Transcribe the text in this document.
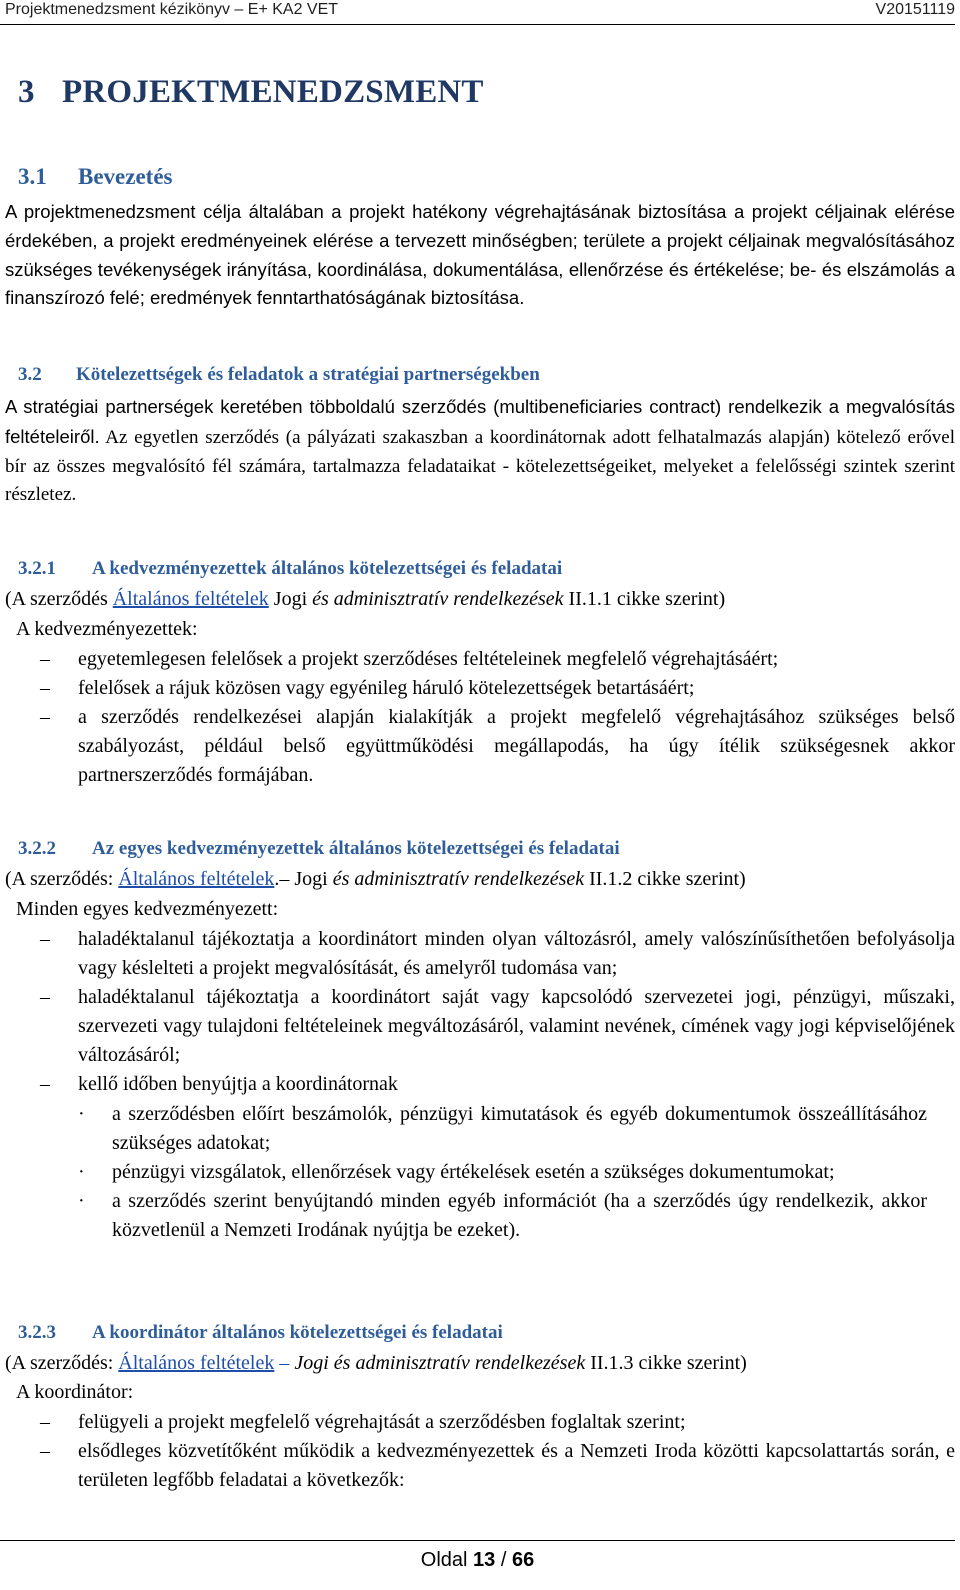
Projektmenedzsment kézikönyv – E+ KA2 VET	V20151119
3 PROJEKTMENEDZSMENT
3.1 Bevezetés
A projektmenedzsment célja általában a projekt hatékony végrehajtásának biztosítása a projekt céljainak elérése érdekében, a projekt eredményeinek elérése a tervezett minőségben; területe a projekt céljainak megvalósításához szükséges tevékenységek irányítása, koordinálása, dokumentálása, ellenőrzése és értékelése; be- és elszámolás a finanszírozó felé; eredmények fenntarthatóságának biztosítása.
3.2 Kötelezettségek és feladatok a stratégiai partnerségekben
A stratégiai partnerségek keretében többoldalú szerződés (multibeneficiaries contract) rendelkezik a megvalósítás feltételeiről. Az egyetlen szerződés (a pályázati szakaszban a koordinátornak adott felhatalmazás alapján) kötelező erővel bír az összes megvalósító fél számára, tartalmazza feladataikat - kötelezettségeiket, melyeket a felelősségi szintek szerint részletez.
3.2.1 A kedvezményezettek általános kötelezettségei és feladatai
(A szerződés Általános feltételek Jogi és adminisztratív rendelkezések II.1.1 cikke szerint)
A kedvezményezettek:
– egyetemlegesen felelősek a projekt szerződéses feltételeinek megfelelő végrehajtásáért;
– felelősek a rájuk közösen vagy egyénileg háruló kötelezettségek betartásáért;
– a szerződés rendelkezései alapján kialakítják a projekt megfelelő végrehajtásához szükséges belső szabályozást, például belső együttműködési megállapodás, ha úgy ítélik szükségesnek akkor partnerszerződés formájában.
3.2.2 Az egyes kedvezményezettek általános kötelezettségei és feladatai
(A szerződés: Általános feltételek.– Jogi és adminisztratív rendelkezések II.1.2 cikke szerint)
Minden egyes kedvezményezett:
– haladéktalanul tájékoztatja a koordinátort minden olyan változásról, amely valószínűsíthetően befolyásolja vagy késlelteti a projekt megvalósítását, és amelyről tudomása van;
– haladéktalanul tájékoztatja a koordinátort saját vagy kapcsolódó szervezetei jogi, pénzügyi, műszaki, szervezeti vagy tulajdoni feltételeinek megváltozásáról, valamint nevének, címének vagy jogi képviselőjének változásáról;
– kellő időben benyújtja a koordinátornak
· a szerződésben előírt beszámolók, pénzügyi kimutatások és egyéb dokumentumok összeállításához szükséges adatokat;
· pénzügyi vizsgálatok, ellenőrzések vagy értékelések esetén a szükséges dokumentumokat;
· a szerződés szerint benyújtandó minden egyéb információt (ha a szerződés úgy rendelkezik, akkor közvetlenül a Nemzeti Irodának nyújtja be ezeket).
3.2.3 A koordinátor általános kötelezettségei és feladatai
(A szerződés: Általános feltételek – Jogi és adminisztratív rendelkezések II.1.3 cikke szerint)
A koordinátor:
– felügyeli a projekt megfelelő végrehajtását a szerződésben foglaltak szerint;
– elsődleges közvetítőként működik a kedvezményezettek és a Nemzeti Iroda közötti kapcsolattartás során, e területen legfőbb feladatai a következők:
Oldal 13 / 66
